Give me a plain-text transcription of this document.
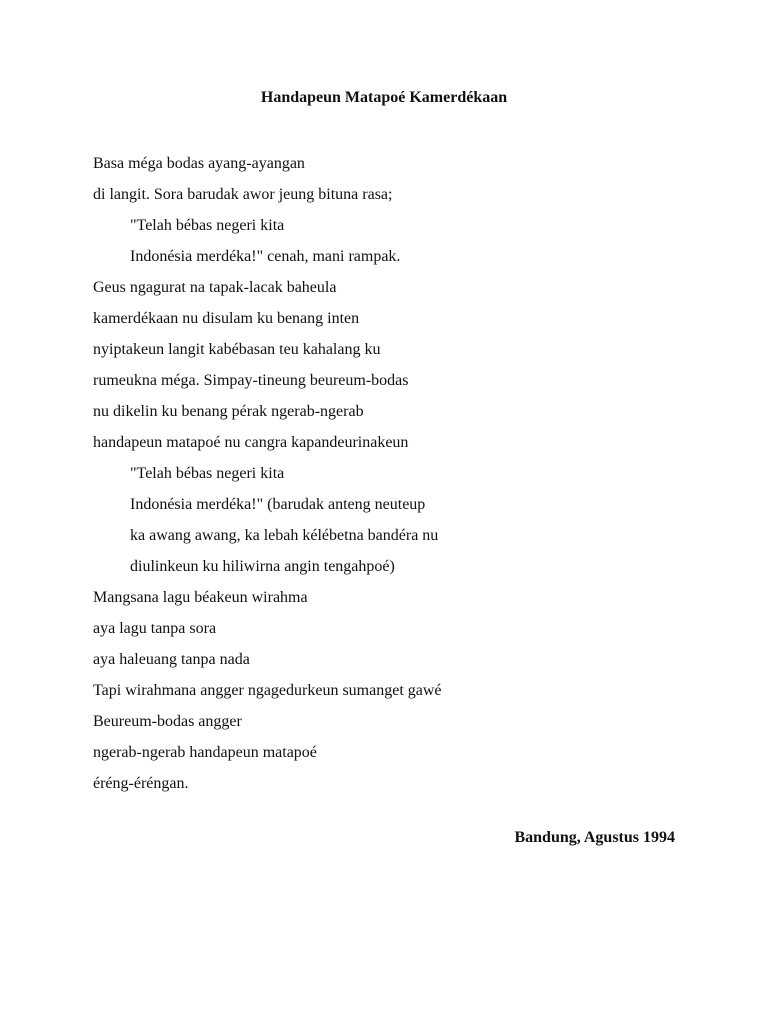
Handapeun Matapoé Kamerdékaan
Basa méga bodas ayang-ayangan
di langit. Sora barudak awor jeung bituna rasa;
"Telah bébas negeri kita
Indonésia merdéka!" cenah, mani rampak.
Geus ngagurat na tapak-lacak baheula
kamerdékaan nu disulam ku benang inten
nyiptakeun langit kabébasan teu kahalang ku
rumeukna méga. Simpay-tineung beureum-bodas
nu dikelin ku benang pérak ngerab-ngerab
handapeun matapoé nu cangra kapandeurinakeun
"Telah bébas negeri kita
Indonésia merdéka!" (barudak anteng neuteup
ka awang awang, ka lebah kélébetna bandéra nu
diulinkeun ku hiliwirna angin tengahpoé)
Mangsana lagu béakeun wirahma
aya lagu tanpa sora
aya haleuang tanpa nada
Tapi wirahmana angger ngagedurkeun sumanget gawé
Beureum-bodas angger
ngerab-ngerab handapeun matapoé
éréng-éréngan.
Bandung, Agustus 1994
